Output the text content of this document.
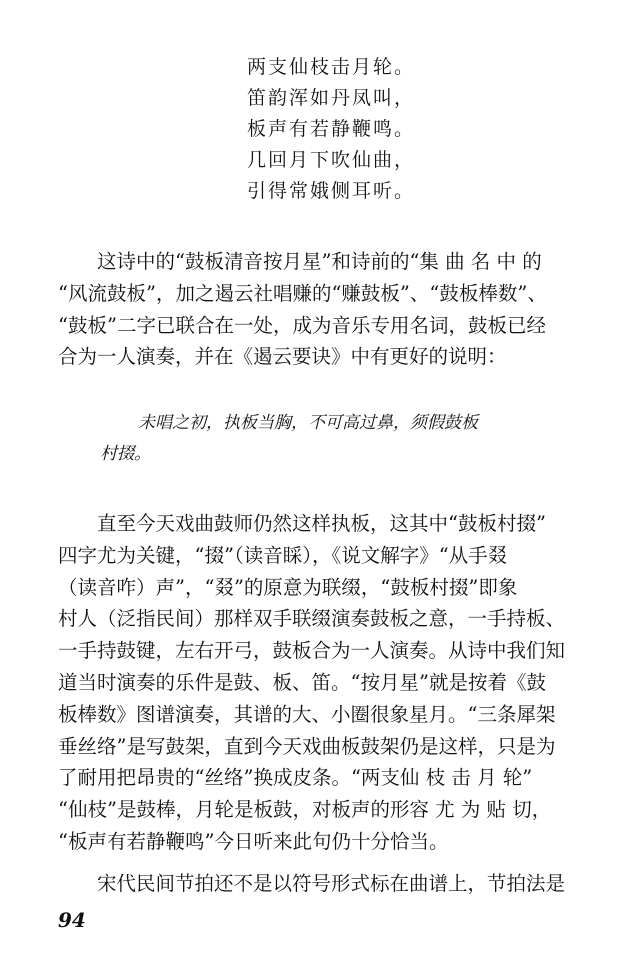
两支仙枝击月轮。
笛韵浑如丹凤叫，
板声有若静鞭鸣。
几回月下吹仙曲，
引得常娥侧耳听。
　　这诗中的“鼓板清音按月星”和诗前的“集 曲 名 中 的
“风流鼓板”，加之遏云社唱赚的“赚鼓板”、“鼓板棒数”、
“鼓板”二字已联合在一处，成为音乐专用名词，鼓板已经
合为一人演奏，并在《遏云要诀》中有更好的说明：
未唱之初，执板当胸，不可高过鼻，须假鼓板
村掇。
　　直至今天戏曲鼓师仍然这样执板，这其中“鼓板村掇”
四字尤为关键，“掇”（读音睬），《说文解字》“从手叕
（读音咋）声”，“叕”的原意为联缀，“鼓板村掇”即象
村人（泛指民间）那样双手联缀演奏鼓板之意，一手持板、
一手持鼓键，左右开弓，鼓板合为一人演奏。从诗中我们知
道当时演奏的乐件是鼓、板、笛。“按月星”就是按着《鼓
板棒数》图谱演奏，其谱的大、小圈很象星月。“三条犀架
垂丝络”是写鼓架，直到今天戏曲板鼓架仍是这样，只是为
了耐用把昂贵的“丝络”换成皮条。“两支仙 枝 击 月 轮”
“仙枝”是鼓棒，月轮是板鼓，对板声的形容 尤 为 贴 切，
“板声有若静鞭鸣”今日听来此句仍十分恰当。
　　宋代民间节拍还不是以符号形式标在曲谱上，节拍法是
94
